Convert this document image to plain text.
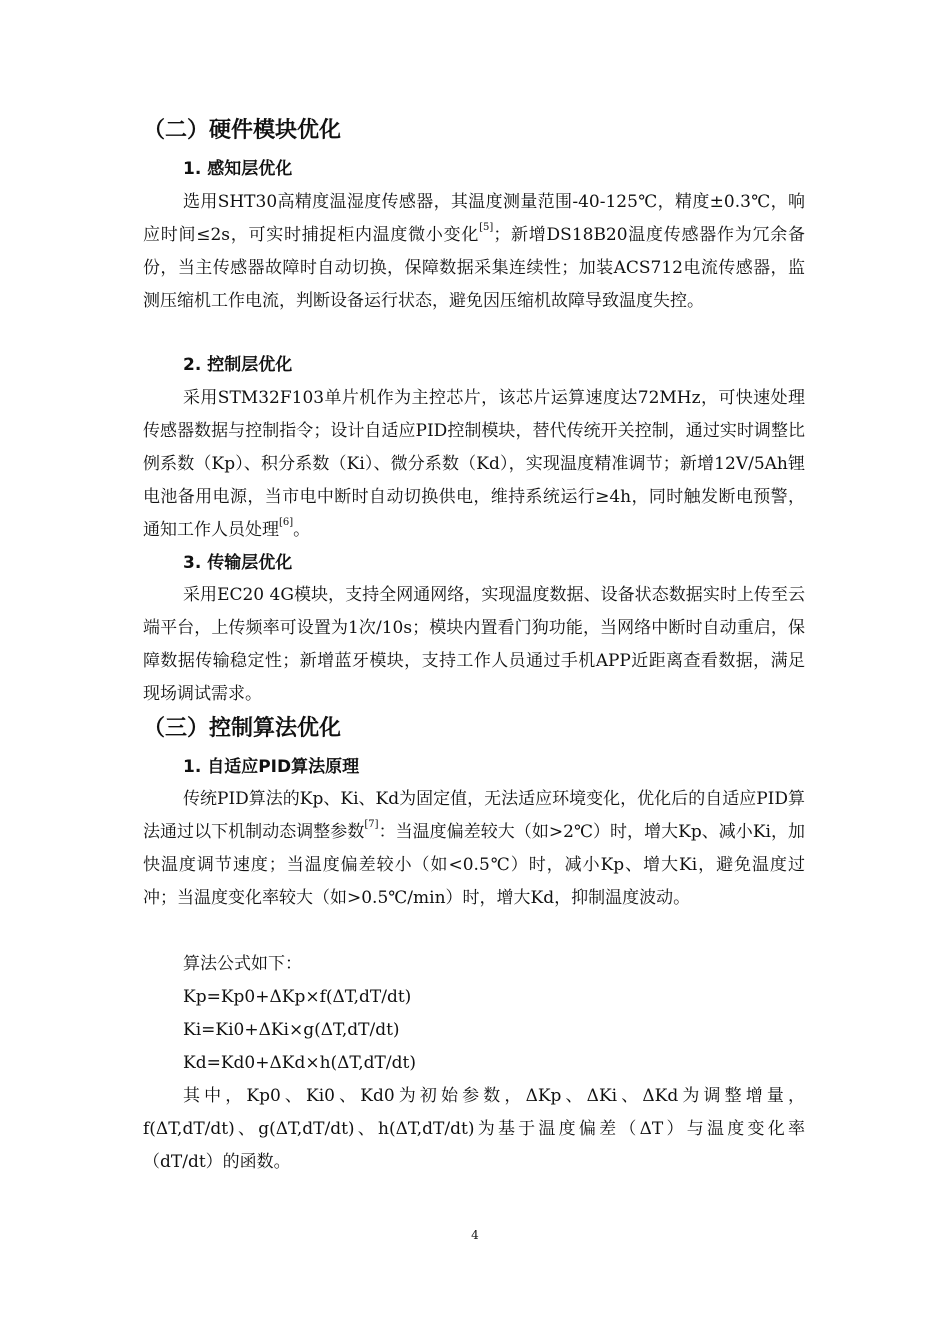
（二）硬件模块优化
1. 感知层优化
选用SHT30高精度温湿度传感器，其温度测量范围-40-125℃，精度±0.3℃，响应时间≤2s，可实时捕捉柜内温度微小变化[5]；新增DS18B20温度传感器作为冗余备份，当主传感器故障时自动切换，保障数据采集连续性；加装ACS712电流传感器，监测压缩机工作电流，判断设备运行状态，避免因压缩机故障导致温度失控。
2. 控制层优化
采用STM32F103单片机作为主控芯片，该芯片运算速度达72MHz，可快速处理传感器数据与控制指令；设计自适应PID控制模块，替代传统开关控制，通过实时调整比例系数（Kp）、积分系数（Ki）、微分系数（Kd），实现温度精准调节；新增12V/5Ah锂电池备用电源，当市电中断时自动切换供电，维持系统运行≥4h，同时触发断电预警，通知工作人员处理[6]。
3. 传输层优化
采用EC20 4G模块，支持全网通网络，实现温度数据、设备状态数据实时上传至云端平台，上传频率可设置为1次/10s；模块内置看门狗功能，当网络中断时自动重启，保障数据传输稳定性；新增蓝牙模块，支持工作人员通过手机APP近距离查看数据，满足现场调试需求。
（三）控制算法优化
1. 自适应PID算法原理
传统PID算法的Kp、Ki、Kd为固定值，无法适应环境变化，优化后的自适应PID算法通过以下机制动态调整参数[7]：当温度偏差较大（如>2℃）时，增大Kp、减小Ki，加快温度调节速度；当温度偏差较小（如<0.5℃）时，减小Kp、增大Ki，避免温度过冲；当温度变化率较大（如>0.5℃/min）时，增大Kd，抑制温度波动。
算法公式如下：
Kp=Kp0+ΔKp×f(ΔT,dT/dt)
Ki=Ki0+ΔKi×g(ΔT,dT/dt)
Kd=Kd0+ΔKd×h(ΔT,dT/dt)
其中，Kp0、Ki0、Kd0为初始参数，ΔKp、ΔKi、ΔKd为调整增量，f(ΔT,dT/dt)、g(ΔT,dT/dt)、h(ΔT,dT/dt)为基于温度偏差（ΔT）与温度变化率（dT/dt）的函数。
4
